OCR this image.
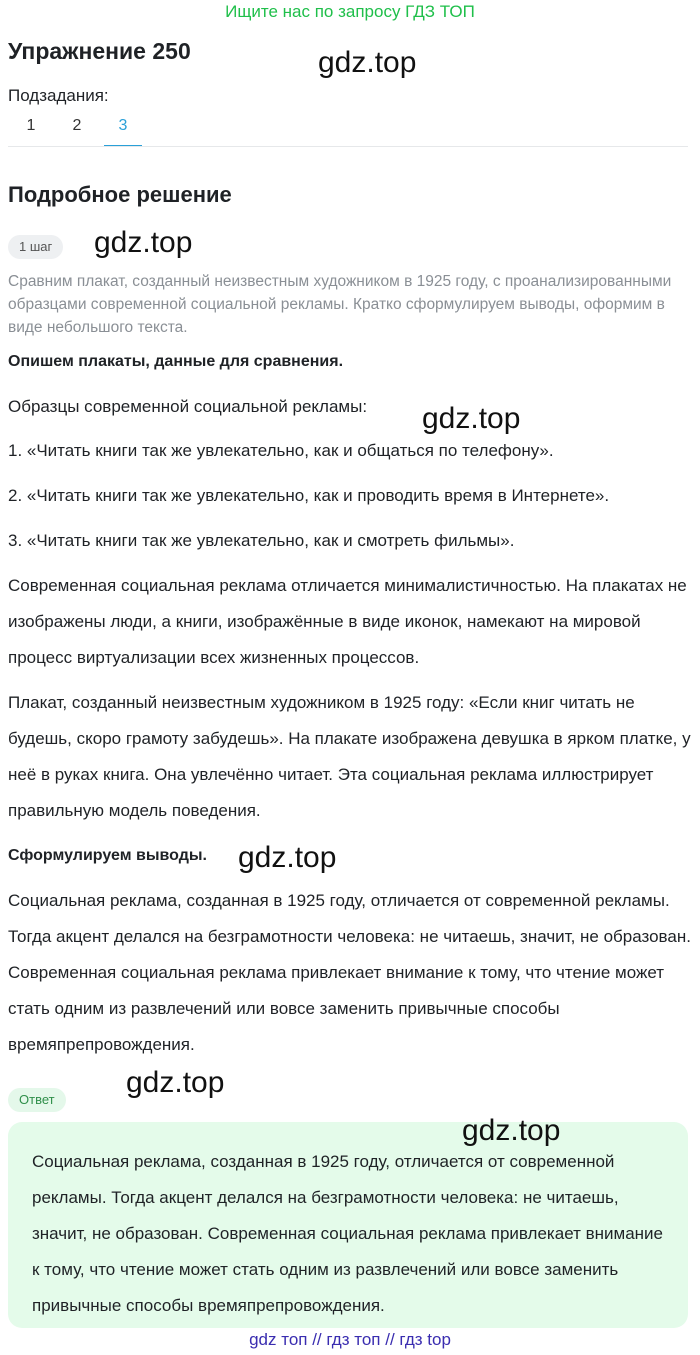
Ищите нас по запросу ГДЗ ТОП
Упражнение 250	gdz.top
Подзадания:
1	2	3
Подробное решение
1 шаг	gdz.top

Сравним плакат, созданный неизвестным художником в 1925 году, с проанализированными образцами современной социальной рекламы. Кратко сформулируем выводы, оформим в виде небольшого текста.

Опишем плакаты, данные для сравнения.

Образцы современной социальной рекламы:	gdz.top

1. «Читать книги так же увлекательно, как и общаться по телефону».

2. «Читать книги так же увлекательно, как и проводить время в Интернете».

3. «Читать книги так же увлекательно, как и смотреть фильмы».

Современная социальная реклама отличается минималистичностью. На плакатах не изображены люди, а книги, изображённые в виде иконок, намекают на мировой процесс виртуализации всех жизненных процессов.

Плакат, созданный неизвестным художником в 1925 году: «Если книг читать не будешь, скоро грамоту забудешь». На плакате изображена девушка в ярком платке, у неё в руках книга. Она увлечённо читает. Эта социальная реклама иллюстрирует правильную модель поведения.

Сформулируем выводы.	gdz.top

Социальная реклама, созданная в 1925 году, отличается от современной рекламы. Тогда акцент делался на безграмотности человека: не читаешь, значит, не образован. Современная социальная реклама привлекает внимание к тому, что чтение может стать одним из развлечений или вовсе заменить привычные способы времяпрепровождения.

gdz.top
Ответ

Социальная реклама, созданная в 1925 году, отличается от современной рекламы. Тогда акцент делался на безграмотности человека: не читаешь, значит, не образован. Современная социальная реклама привлекает внимание к тому, что чтение может стать одним из развлечений или вовсе заменить привычные способы времяпрепровождения.

gdz.top
gdz топ // гдз топ // гдз top
